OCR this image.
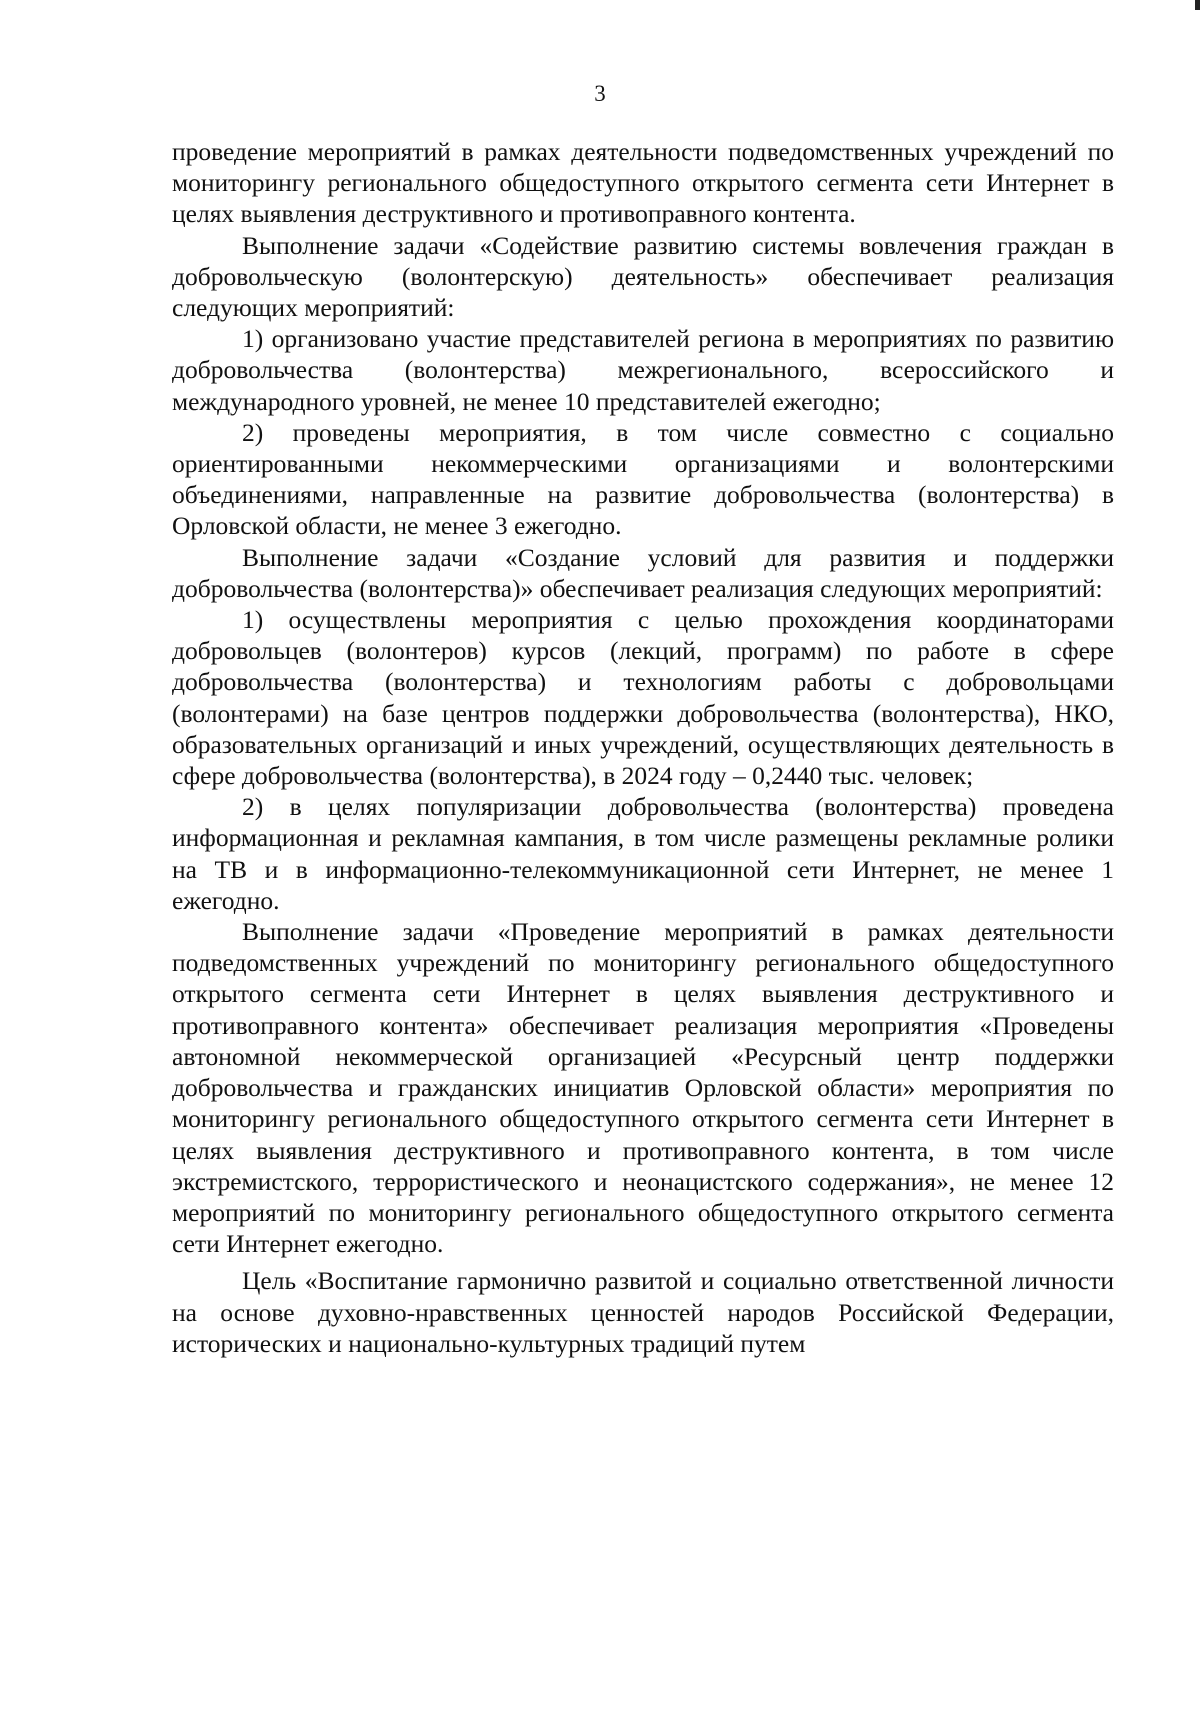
3

проведение мероприятий в рамках деятельности подведомственных учреждений по мониторингу регионального общедоступного открытого сегмента сети Интернет в целях выявления деструктивного и противоправного контента.

Выполнение задачи «Содействие развитию системы вовлечения граждан в добровольческую (волонтерскую) деятельность» обеспечивает реализация следующих мероприятий:

1) организовано участие представителей региона в мероприятиях по развитию добровольчества (волонтерства) межрегионального, всероссийского и международного уровней, не менее 10 представителей ежегодно;

2) проведены мероприятия, в том числе совместно с социально ориентированными некоммерческими организациями и волонтерскими объединениями, направленные на развитие добровольчества (волонтерства) в Орловской области, не менее 3 ежегодно.

Выполнение задачи «Создание условий для развития и поддержки добровольчества (волонтерства)» обеспечивает реализация следующих мероприятий:

1) осуществлены мероприятия с целью прохождения координаторами добровольцев (волонтеров) курсов (лекций, программ) по работе в сфере добровольчества (волонтерства) и технологиям работы с добровольцами (волонтерами) на базе центров поддержки добровольчества (волонтерства), НКО, образовательных организаций и иных учреждений, осуществляющих деятельность в сфере добровольчества (волонтерства), в 2024 году – 0,2440 тыс. человек;

2) в целях популяризации добровольчества (волонтерства) проведена информационная и рекламная кампания, в том числе размещены рекламные ролики на ТВ и в информационно-телекоммуникационной сети Интернет, не менее 1 ежегодно.

Выполнение задачи «Проведение мероприятий в рамках деятельности подведомственных учреждений по мониторингу регионального общедоступного открытого сегмента сети Интернет в целях выявления деструктивного и противоправного контента» обеспечивает реализация мероприятия «Проведены автономной некоммерческой организацией «Ресурсный центр поддержки добровольчества и гражданских инициатив Орловской области» мероприятия по мониторингу регионального общедоступного открытого сегмента сети Интернет в целях выявления деструктивного и противоправного контента, в том числе экстремистского, террористического и неонацистского содержания», не менее 12 мероприятий по мониторингу регионального общедоступного открытого сегмента сети Интернет ежегодно.

Цель «Воспитание гармонично развитой и социально ответственной личности на основе духовно-нравственных ценностей народов Российской Федерации, исторических и национально-культурных традиций путем
